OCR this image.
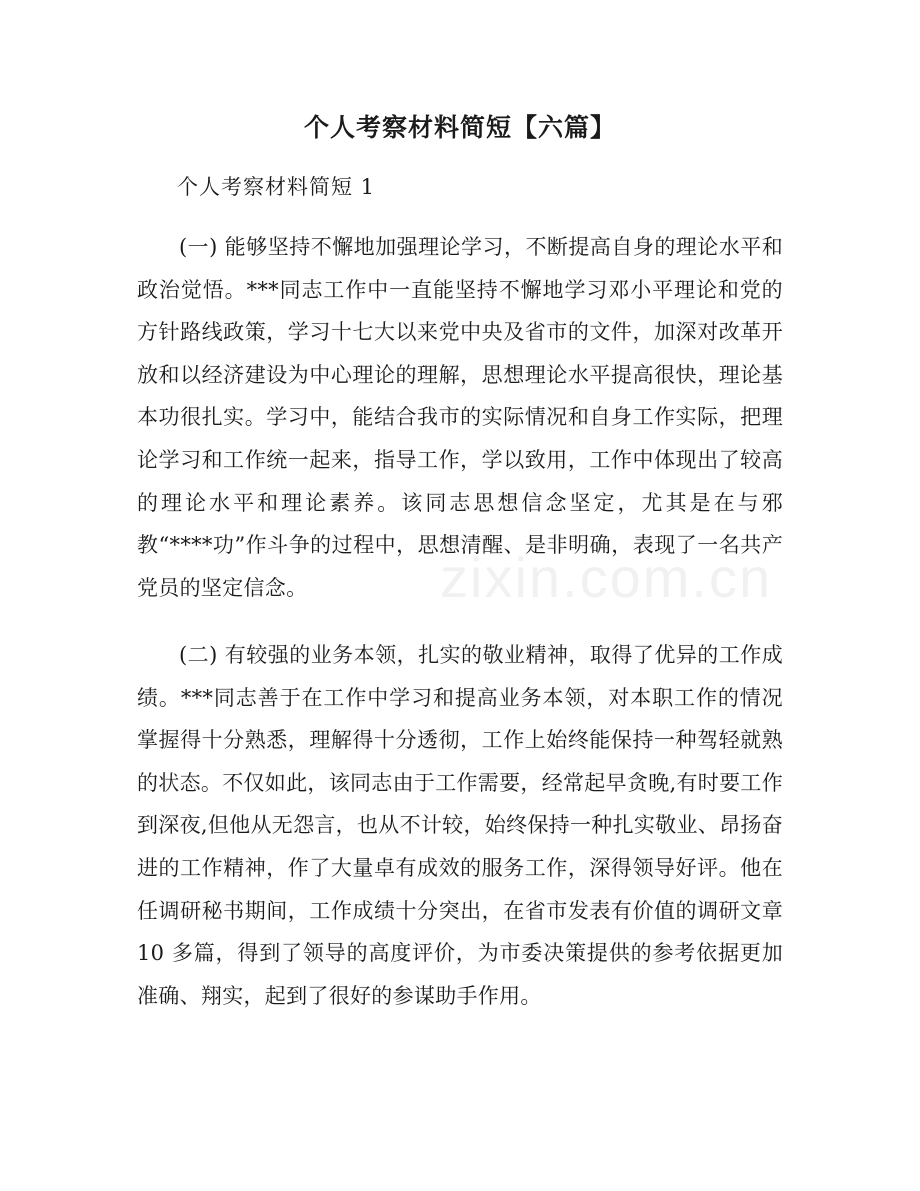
个人考察材料简短【六篇】

个人考察材料简短 1

(一) 能够坚持不懈地加强理论学习，不断提高自身的理论水平和政治觉悟。***同志工作中一直能坚持不懈地学习邓小平理论和党的方针路线政策，学习十七大以来党中央及省市的文件，加深对改革开放和以经济建设为中心理论的理解，思想理论水平提高很快，理论基本功很扎实。学习中，能结合我市的实际情况和自身工作实际，把理论学习和工作统一起来，指导工作，学以致用，工作中体现出了较高的理论水平和理论素养。该同志思想信念坚定，尤其是在与邪教“****功”作斗争的过程中，思想清醒、是非明确，表现了一名共产党员的坚定信念。

(二) 有较强的业务本领，扎实的敬业精神，取得了优异的工作成绩。***同志善于在工作中学习和提高业务本领，对本职工作的情况掌握得十分熟悉，理解得十分透彻，工作上始终能保持一种驾轻就熟的状态。不仅如此，该同志由于工作需要，经常起早贪晚,有时要工作到深夜,但他从无怨言，也从不计较，始终保持一种扎实敬业、昂扬奋进的工作精神，作了大量卓有成效的服务工作，深得领导好评。他在任调研秘书期间，工作成绩十分突出，在省市发表有价值的调研文章 10 多篇，得到了领导的高度评价，为市委决策提供的参考依据更加准确、翔实，起到了很好的参谋助手作用。

zixin.com.cn
